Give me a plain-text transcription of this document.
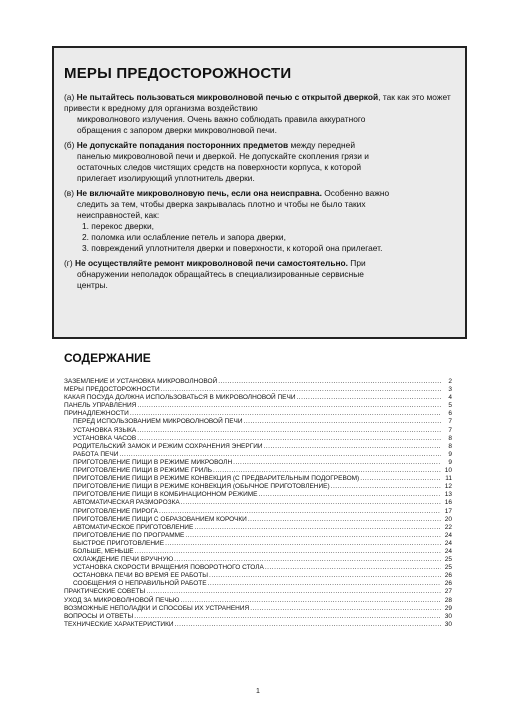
МЕРЫ ПРЕДОСТОРОЖНОСТИ
(a) Не пытайтесь пользоваться микроволновой печью с открытой дверкой, так как это может привести к вредному для организма воздействию
микроволнового излучения. Очень важно соблюдать правила аккуратного
обращения с запором дверки микроволновой печи.
(б) Не допускайте попадания посторонних предметов между передней
панелью микроволновой печи и дверкой. Не допускайте скопления грязи и
остаточных следов чистящих средств на поверхности корпуса, к которой
прилегает изолирующий уплотнитель дверки.
(в) Не включайте микроволновую печь, если она неисправна. Особенно важно
следить за тем, чтобы дверка закрывалась плотно и чтобы не было таких
неисправностей, как:
1. перекос дверки,
2. поломка или ослабление петель и запора дверки,
3. повреждений уплотнителя дверки и поверхности, к которой она прилегает.
(г) Не осуществляйте ремонт микроволновой печи самостоятельно. При
обнаружении неполадок обращайтесь в специализированные сервисные
центры.
СОДЕРЖАНИЕ
ЗАЗЕМЛЕНИЕ И УСТАНОВКА МИКРОВОЛНОВОЙ .....	2
МЕРЫ ПРЕДОСТОРОЖНОСТИ .....	3
КАКАЯ ПОСУДА ДОЛЖНА ИСПОЛЬЗОВАТЬСЯ В МИКРОВОЛНОВОЙ ПЕЧИ .....	4
ПАНЕЛЬ УПРАВЛЕНИЯ .....	5
ПРИНАДЛЕЖНОСТИ .....	6
ПЕРЕД ИСПОЛЬЗОВАНИЕМ МИКРОВОЛНОВОЙ ПЕЧИ .....	7
УСТАНОВКА ЯЗЫКА .....	7
УСТАНОВКА ЧАСОВ .....	8
РОДИТЕЛЬСКИЙ ЗАМОК И РЕЖИМ СОХРАНЕНИЯ ЭНЕРГИИ .....	8
РАБОТА ПЕЧИ .....	9
ПРИГОТОВЛЕНИЕ ПИЩИ В РЕЖИМЕ МИКРОВОЛН .....	9
ПРИГОТОВЛЕНИЕ ПИЩИ В РЕЖИМЕ ГРИЛЬ .....	10
ПРИГОТОВЛЕНИЕ ПИЩИ В РЕЖИМЕ КОНВЕКЦИЯ (С ПРЕДВАРИТЕЛЬНЫМ ПОДОГРЕВОМ) .....	11
ПРИГОТОВЛЕНИЕ ПИЩИ В РЕЖИМЕ КОНВЕКЦИЯ (ОБЫЧНОЕ ПРИГОТОВЛЕНИЕ) .....	12
ПРИГОТОВЛЕНИЕ ПИЩИ В КОМБИНАЦИОННОМ РЕЖИМЕ .....	13
АВТОМАТИЧЕСКАЯ РАЗМОРОЗКА .....	16
ПРИГОТОВЛЕНИЕ ПИРОГА .....	17
ПРИГОТОВЛЕНИЕ ПИЩИ С ОБРАЗОВАНИЕМ КОРОЧКИ .....	20
АВТОМАТИЧЕСКОЕ ПРИГОТОВЛЕНИЕ .....	22
ПРИГОТОВЛЕНИЕ ПО ПРОГРАММЕ .....	24
БЫСТРОЕ ПРИГОТОВЛЕНИЕ .....	24
БОЛЬШЕ, МЕНЬШЕ .....	24
ОХЛАЖДЕНИЕ ПЕЧИ ВРУЧНУЮ .....	25
УСТАНОВКА СКОРОСТИ ВРАЩЕНИЯ ПОВОРОТНОГО СТОЛА .....	25
ОСТАНОВКА ПЕЧИ ВО ВРЕМЯ ЕЕ РАБОТЫ .....	26
СООБЩЕНИЯ О НЕПРАВИЛЬНОЙ РАБОТЕ .....	26
ПРАКТИЧЕСКИЕ СОВЕТЫ .....	27
УХОД ЗА МИКРОВОЛНОВОЙ ПЕЧЬЮ .....	28
ВОЗМОЖНЫЕ НЕПОЛАДКИ И СПОСОБЫ ИХ УСТРАНЕНИЯ .....	29
ВОПРОСЫ И ОТВЕТЫ .....	30
ТЕХНИЧЕСКИЕ ХАРАКТЕРИСТИКИ .....	30
1
